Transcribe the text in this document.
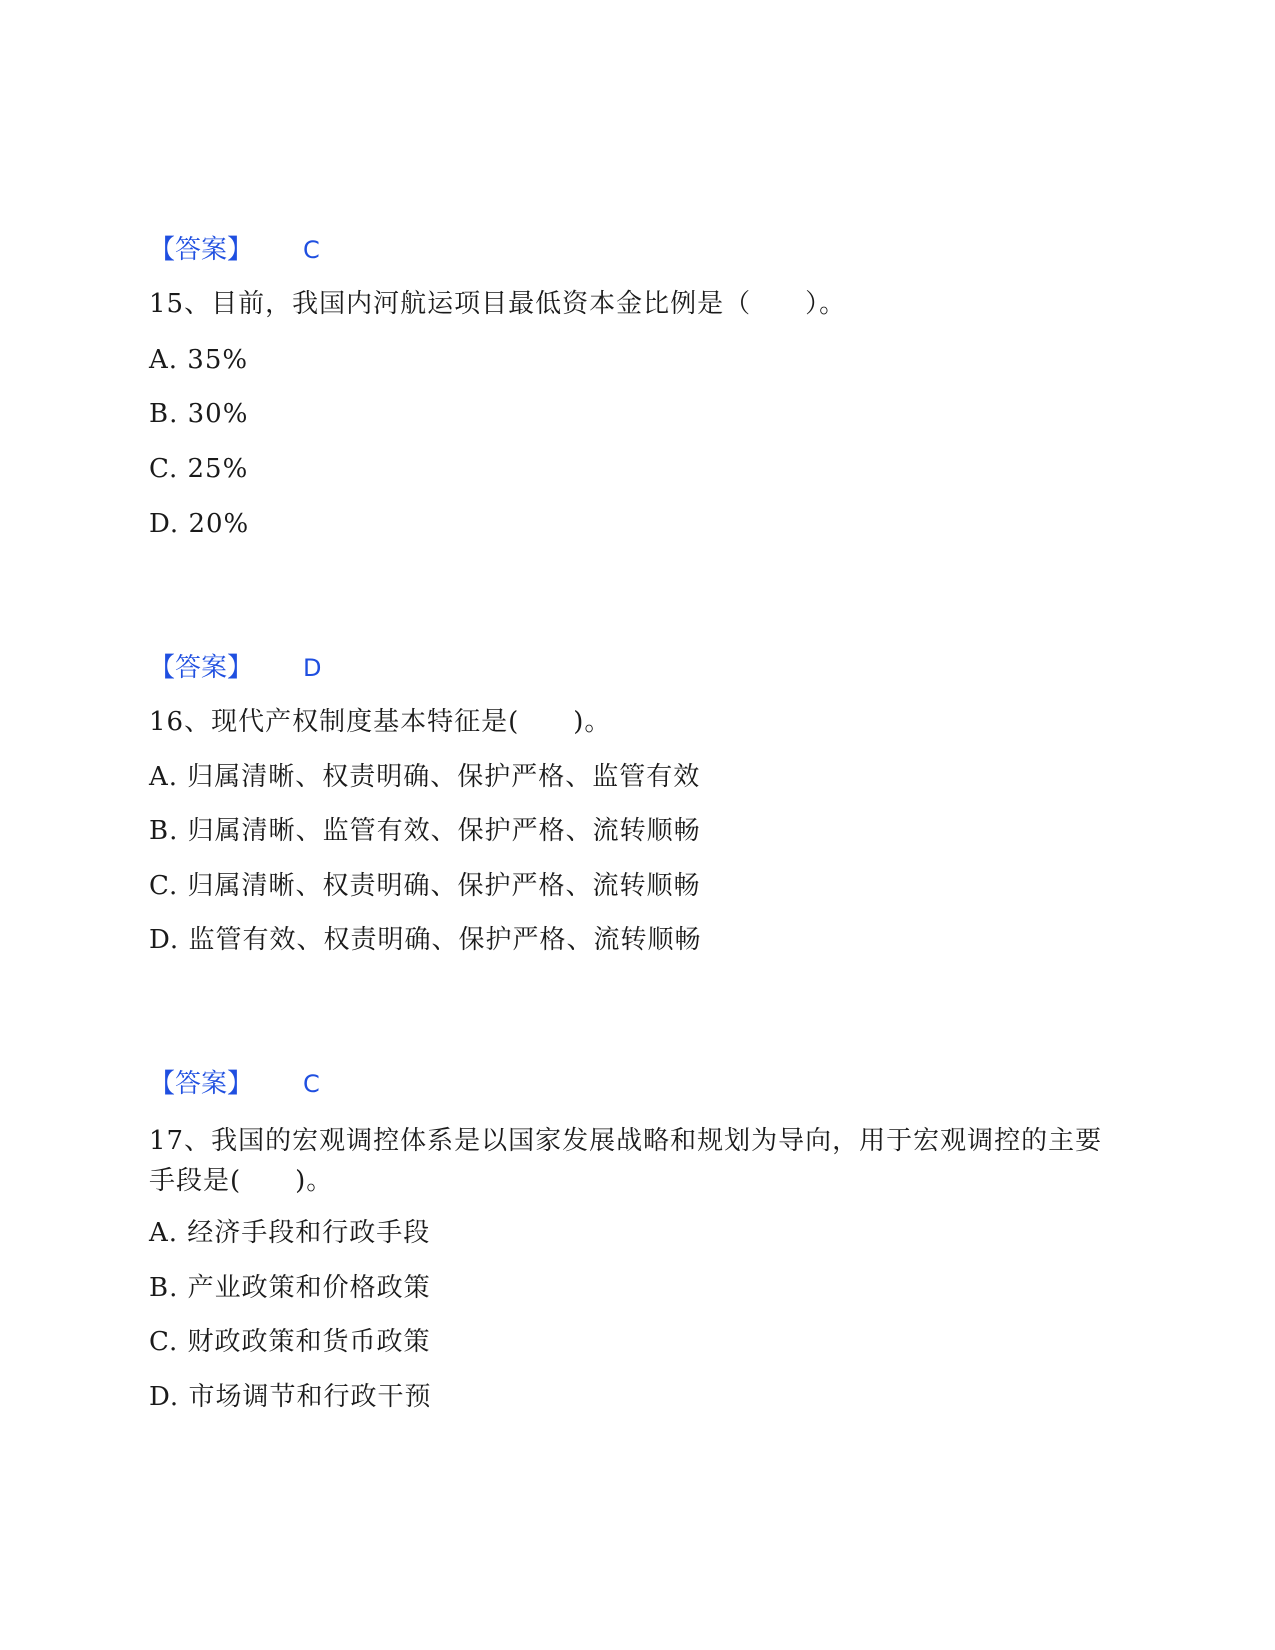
【答案】 C
15、目前，我国内河航运项目最低资本金比例是（　　）。
A. 35%
B. 30%
C. 25%
D. 20%
【答案】 D
16、现代产权制度基本特征是(　　)。
A. 归属清晰、权责明确、保护严格、监管有效
B. 归属清晰、监管有效、保护严格、流转顺畅
C. 归属清晰、权责明确、保护严格、流转顺畅
D. 监管有效、权责明确、保护严格、流转顺畅
【答案】 C
17、我国的宏观调控体系是以国家发展战略和规划为导向，用于宏观调控的主要手段是(　　)。
A. 经济手段和行政手段
B. 产业政策和价格政策
C. 财政政策和货币政策
D. 市场调节和行政干预
